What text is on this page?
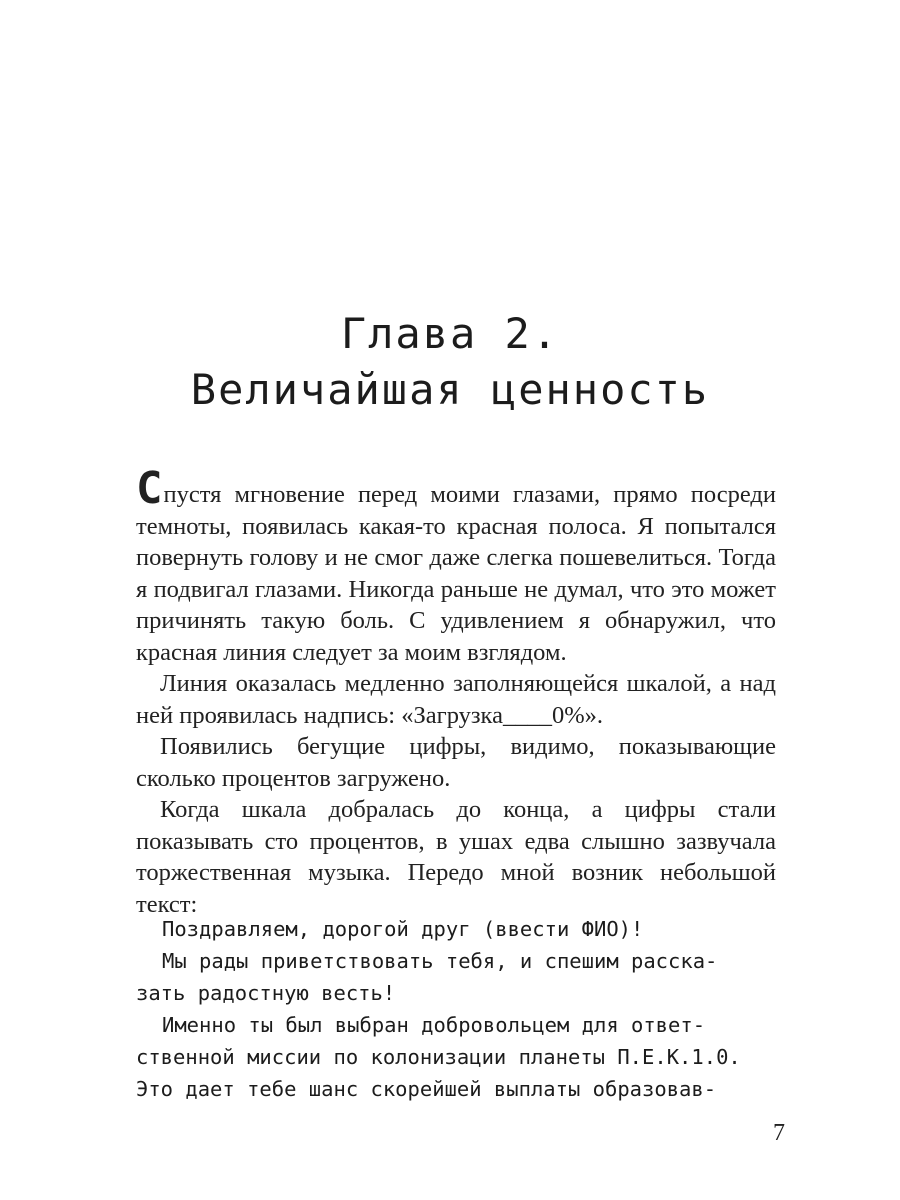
Глава 2.
Величайшая ценность

Спустя мгновение перед моими глазами, прямо посреди темноты, появилась какая-то красная полоса. Я попытался повернуть голову и не смог даже слегка пошевелиться. Тогда я подвигал глазами. Никогда раньше не думал, что это может причинять такую боль. С удивлением я обнаружил, что красная линия следует за моим взглядом.

Линия оказалась медленно заполняющейся шкалой, а над ней проявилась надпись: «Загрузка____0%».

Появились бегущие цифры, видимо, показывающие сколько процентов загружено.

Когда шкала добралась до конца, а цифры стали показывать сто процентов, в ушах едва слышно зазвучала торжественная музыка. Передо мной возник небольшой текст:

Поздравляем, дорогой друг (ввести ФИО)!
Мы рады приветствовать тебя, и спешим расска-
зать радостную весть!
Именно ты был выбран добровольцем для ответ-
ственной миссии по колонизации планеты П.Е.К.1.0.
Это дает тебе шанс скорейшей выплаты образовав-
7
